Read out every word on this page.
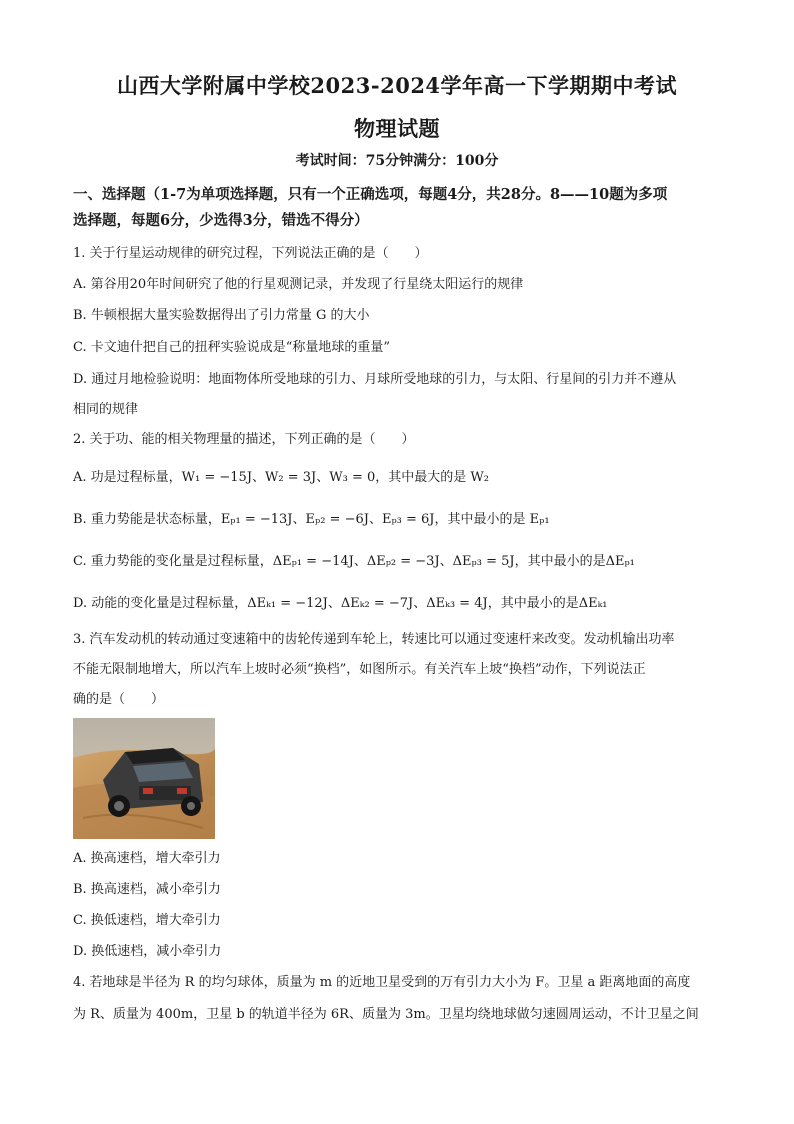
山西大学附属中学校2023-2024学年高一下学期期中考试
物理试题
考试时间：75分钟满分：100分
一、选择题（1-7为单项选择题，只有一个正确选项，每题4分，共28分。8——10题为多项
选择题，每题6分，少选得3分，错选不得分）
1. 关于行星运动规律的研究过程，下列说法正确的是（　　）
A. 第谷用20年时间研究了他的行星观测记录，并发现了行星绕太阳运行的规律
B. 牛顿根据大量实验数据得出了引力常量 G 的大小
C. 卡文迪什把自己的扭秤实验说成是“称量地球的重量”
D. 通过月地检验说明：地面物体所受地球的引力、月球所受地球的引力，与太阳、行星间的引力并不遵从
相同的规律
2. 关于功、能的相关物理量的描述，下列正确的是（　　）
A. 功是过程标量，W₁ = −15J、W₂ = 3J、W₃ = 0，其中最大的是 W₂
B. 重力势能是状态标量，Eₚ₁ = −13J、Eₚ₂ = −6J、Eₚ₃ = 6J，其中最小的是 Eₚ₁
C. 重力势能的变化量是过程标量，ΔEₚ₁ = −14J、ΔEₚ₂ = −3J、ΔEₚ₃ = 5J，其中最小的是ΔEₚ₁
D. 动能的变化量是过程标量，ΔEₖ₁ = −12J、ΔEₖ₂ = −7J、ΔEₖ₃ = 4J，其中最小的是ΔEₖ₁
3. 汽车发动机的转动通过变速箱中的齿轮传递到车轮上，转速比可以通过变速杆来改变。发动机输出功率
不能无限制地增大，所以汽车上坡时必须“换档”，如图所示。有关汽车上坡“换档”动作，下列说法正
确的是（　　）
A. 换高速档，增大牵引力
B. 换高速档，减小牵引力
C. 换低速档，增大牵引力
D. 换低速档，减小牵引力
4. 若地球是半径为 R 的均匀球体，质量为 m 的近地卫星受到的万有引力大小为 F。卫星 a 距离地面的高度
为 R、质量为 400m，卫星 b 的轨道半径为 6R、质量为 3m。卫星均绕地球做匀速圆周运动，不计卫星之间
